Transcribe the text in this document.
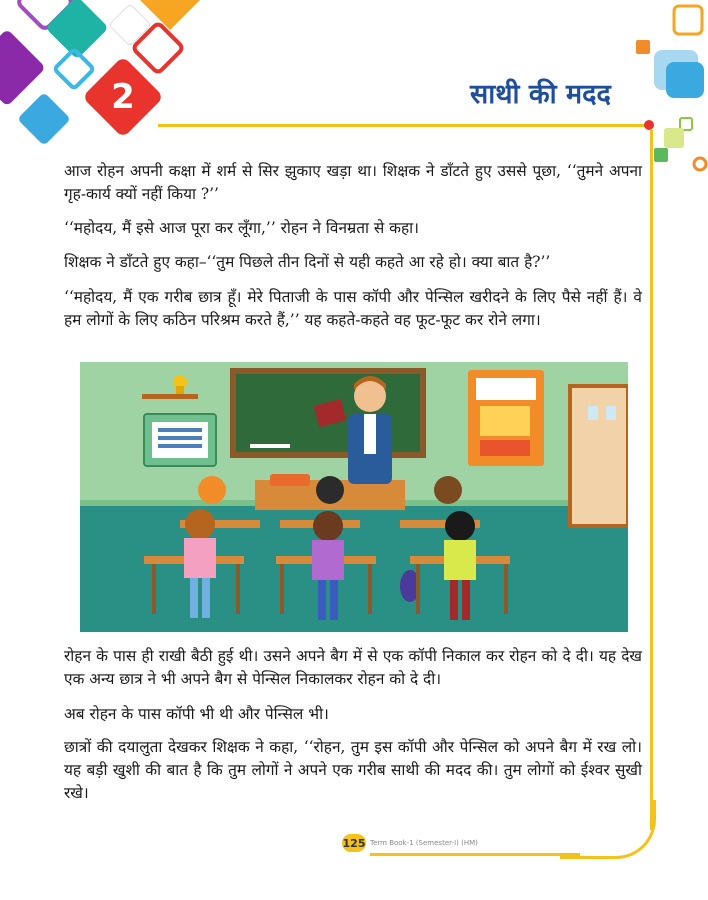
2	साथी की मदद

आज रोहन अपनी कक्षा में शर्म से सिर झुकाए खड़ा था। शिक्षक ने डाँटते हुए उससे पूछा, ‘‘तुमने अपना गृह-कार्य क्यों नहीं किया ?’’

‘‘महोदय, मैं इसे आज पूरा कर लूँगा,’’ रोहन ने विनम्रता से कहा।

शिक्षक ने डाँटते हुए कहा–‘‘तुम पिछले तीन दिनों से यही कहते आ रहे हो। क्या बात है?’’

‘‘महोदय, मैं एक गरीब छात्र हूँ। मेरे पिताजी के पास कॉपी और पेन्सिल खरीदने के लिए पैसे नहीं हैं। वे हम लोगों के लिए कठिन परिश्रम करते हैं,’’ यह कहते-कहते वह फूट-फूट कर रोने लगा।

रोहन के पास ही राखी बैठी हुई थी। उसने अपने बैग में से एक कॉपी निकाल कर रोहन को दे दी। यह देख एक अन्य छात्र ने भी अपने बैग से पेन्सिल निकालकर रोहन को दे दी।

अब रोहन के पास कॉपी भी थी और पेन्सिल भी।

छात्रों की दयालुता देखकर शिक्षक ने कहा, ‘‘रोहन, तुम इस कॉपी और पेन्सिल को अपने बैग में रख लो। यह बड़ी खुशी की बात है कि तुम लोगों ने अपने एक गरीब साथी की मदद की। तुम लोगों को ईश्वर सुखी रखे।

125 Term Book-1 (Semester-I) (HM)
